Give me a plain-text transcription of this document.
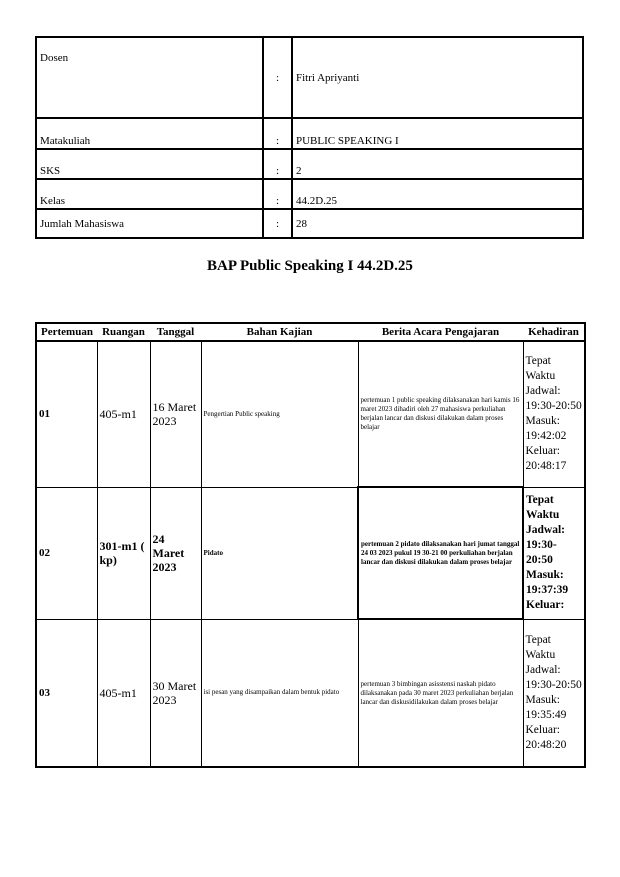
Dosen	:	Fitri Apriyanti
Matakuliah	:	PUBLIC SPEAKING I
SKS	:	2
Kelas	:	44.2D.25
Jumlah Mahasiswa	:	28
BAP Public Speaking I 44.2D.25
Pertemuan	Ruangan	Tanggal	Bahan Kajian	Berita Acara Pengajaran	Kehadiran
01	405-m1	16 Maret 2023	Pengertian Public speaking	pertemuan 1 public speaking dilaksanakan hari kamis 16 maret 2023 dihadiri oleh 27 mahasiswa perkuliahan berjalan lancar dan diskusi dilakukan dalam proses belajar	Tepat Waktu Jadwal: 19:30-20:50 Masuk: 19:42:02 Keluar: 20:48:17
02	301-m1 ( kp)	24 Maret 2023	Pidato	pertemuan 2 pidato dilaksanakan hari jumat tanggal 24 03 2023 pukul 19 30-21 00 perkuliahan berjalan lancar dan diskusi dilakukan dalam proses belajar	Tepat Waktu Jadwal: 19:30-20:50 Masuk: 19:37:39 Keluar:
03	405-m1	30 Maret 2023	isi pesan yang disampaikan dalam bentuk pidato	pertemuan 3 bimbingan asisstensi naskah pidato dilaksanakan pada 30 maret 2023 perkuliahan berjalan lancar dan diskusidilakukan dalam proses belajar	Tepat Waktu Jadwal: 19:30-20:50 Masuk: 19:35:49 Keluar: 20:48:20
